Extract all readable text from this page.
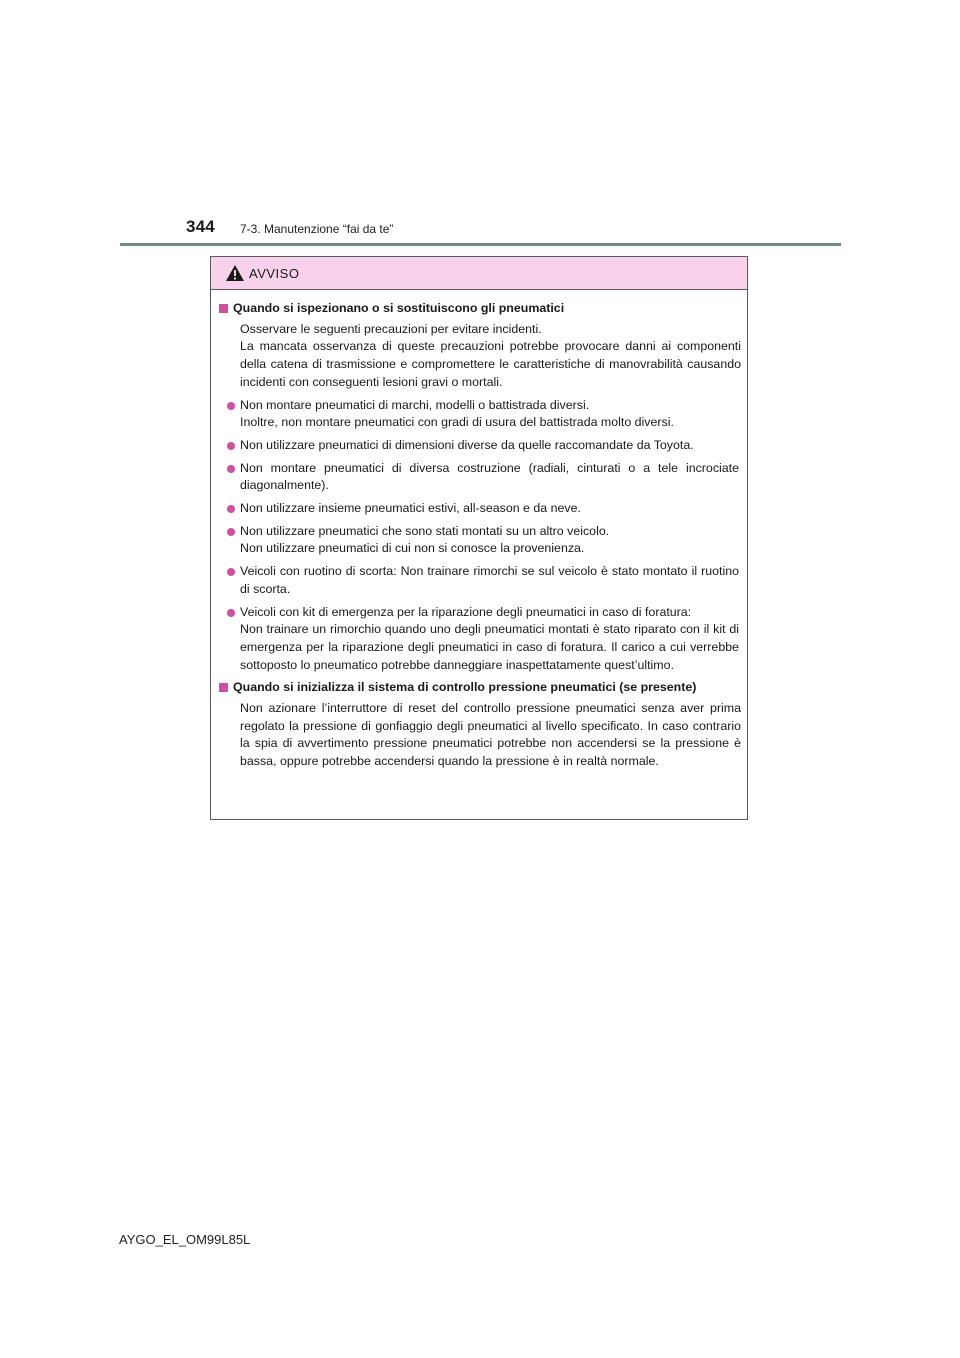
344 7-3. Manutenzione “fai da te”
AVVISO
Quando si ispezionano o si sostituiscono gli pneumatici
Osservare le seguenti precauzioni per evitare incidenti.
La mancata osservanza di queste precauzioni potrebbe provocare danni ai componenti della catena di trasmissione e compromettere le caratteristiche di manovrabilità causando incidenti con conseguenti lesioni gravi o mortali.
Non montare pneumatici di marchi, modelli o battistrada diversi.
Inoltre, non montare pneumatici con gradi di usura del battistrada molto diversi.
Non utilizzare pneumatici di dimensioni diverse da quelle raccomandate da Toyota.
Non montare pneumatici di diversa costruzione (radiali, cinturati o a tele incrociate diagonalmente).
Non utilizzare insieme pneumatici estivi, all-season e da neve.
Non utilizzare pneumatici che sono stati montati su un altro veicolo.
Non utilizzare pneumatici di cui non si conosce la provenienza.
Veicoli con ruotino di scorta: Non trainare rimorchi se sul veicolo è stato montato il ruotino di scorta.
Veicoli con kit di emergenza per la riparazione degli pneumatici in caso di foratura:
Non trainare un rimorchio quando uno degli pneumatici montati è stato riparato con il kit di emergenza per la riparazione degli pneumatici in caso di foratura. Il carico a cui verrebbe sottoposto lo pneumatico potrebbe danneggiare inaspettatamente quest’ultimo.
Quando si inizializza il sistema di controllo pressione pneumatici (se presente)
Non azionare l’interruttore di reset del controllo pressione pneumatici senza aver prima regolato la pressione di gonfiaggio degli pneumatici al livello specificato. In caso contrario la spia di avvertimento pressione pneumatici potrebbe non accendersi se la pressione è bassa, oppure potrebbe accendersi quando la pressione è in realtà normale.
AYGO_EL_OM99L85L
